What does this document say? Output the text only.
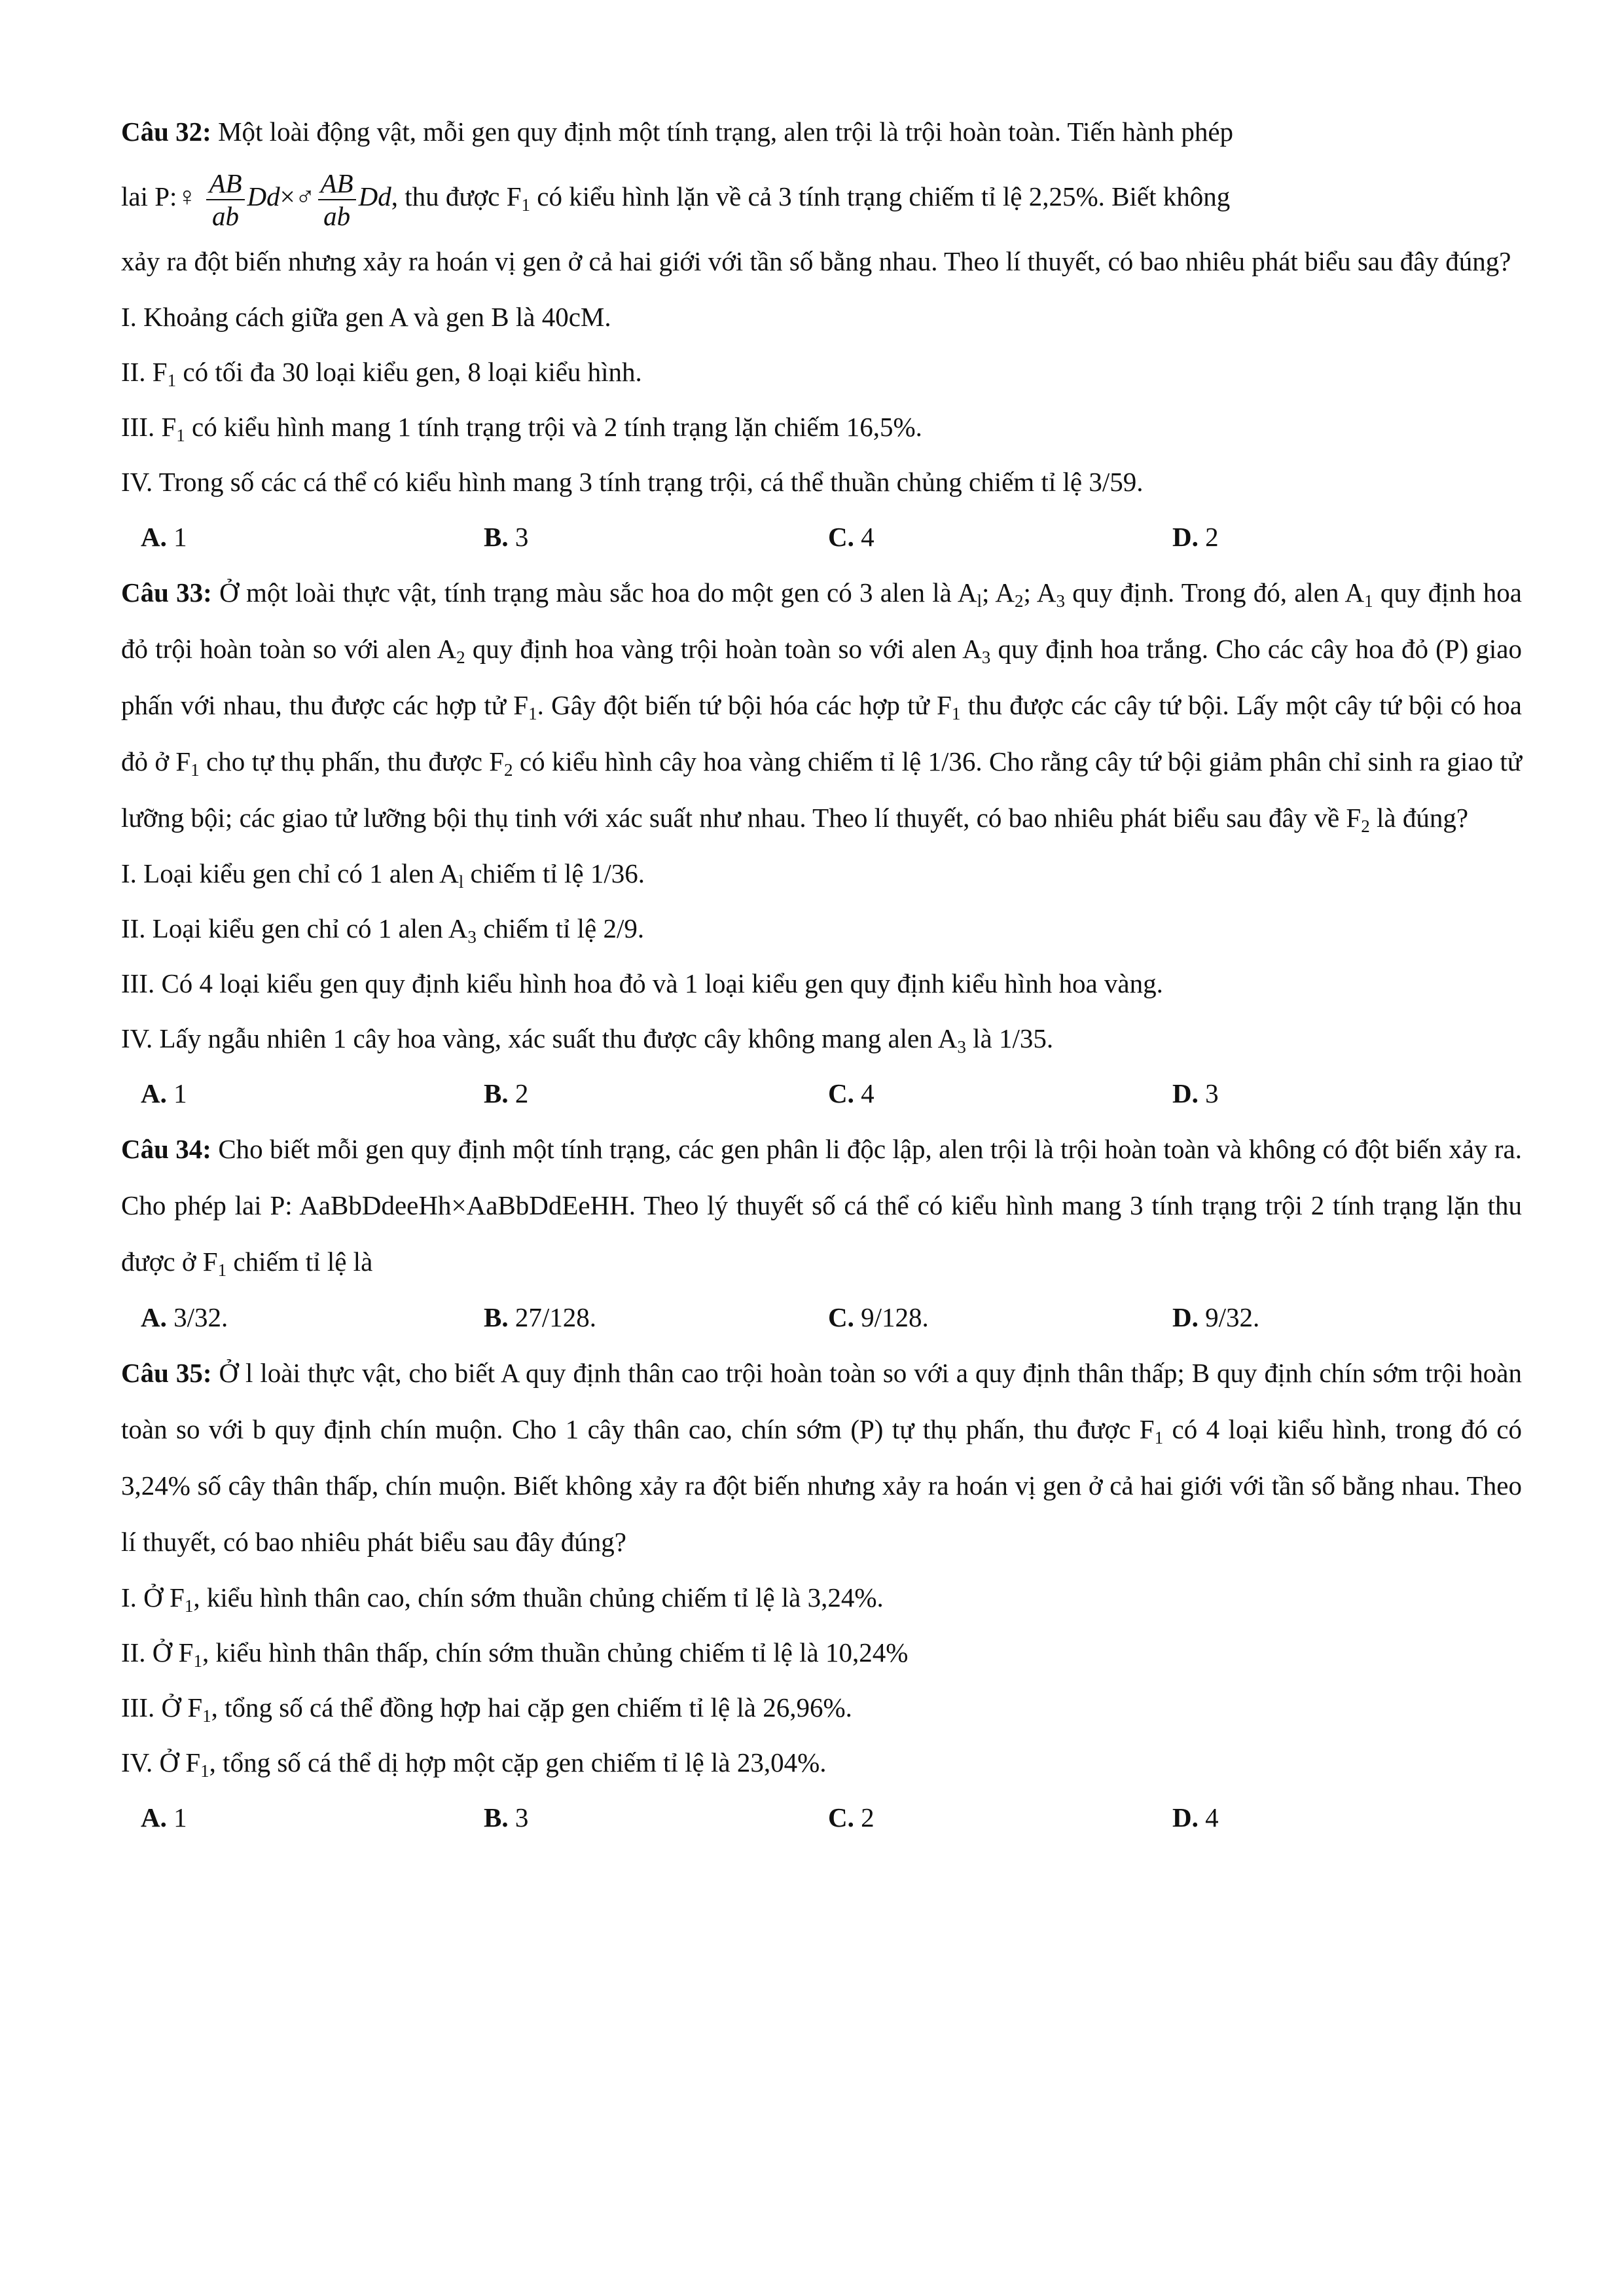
Câu 32: Một loài động vật, mỗi gen quy định một tính trạng, alen trội là trội hoàn toàn. Tiến hành phép

lai P:♀ $\frac{AB}{ab}$ Dd×♂ $\frac{AB}{ab} Dd$, thu được $F_1$ có kiểu hình lặn về cả 3 tính trạng chiếm tỉ lệ 2,25%. Biết không

xảy ra đột biến nhưng xảy ra hoán vị gen ở cả hai giới với tần số bằng nhau. Theo lí thuyết, có bao nhiêu phát biểu sau đây đúng?

I. Khoảng cách giữa gen A và gen B là 40cM.

II. $F_1$ có tối đa 30 loại kiểu gen, 8 loại kiểu hình.

III. $F_1$ có kiểu hình mang 1 tính trạng trội và 2 tính trạng lặn chiếm 16,5%.

IV. Trong số các cá thể có kiểu hình mang 3 tính trạng trội, cá thể thuần chủng chiếm tỉ lệ 3/59.

A. 1	B. 3	C. 4	D. 2

Câu 33: Ở một loài thực vật, tính trạng màu sắc hoa do một gen có 3 alen là $A_l$; $A_2$; $A_3$ quy định. Trong đó, alen $A_1$ quy định hoa đỏ trội hoàn toàn so với alen $A_2$ quy định hoa vàng trội hoàn toàn so với alen $A_3$ quy định hoa trắng. Cho các cây hoa đỏ (P) giao phấn với nhau, thu được các hợp tử $F_1$. Gây đột biến tứ bội hóa các hợp tử $F_1$ thu được các cây tứ bội. Lấy một cây tứ bội có hoa đỏ ở $F_1$ cho tự thụ phấn, thu được $F_2$ có kiểu hình cây hoa vàng chiếm tỉ lệ 1/36. Cho rằng cây tứ bội giảm phân chỉ sinh ra giao tử lưỡng bội; các giao tử lưỡng bội thụ tinh với xác suất như nhau. Theo lí thuyết, có bao nhiêu phát biểu sau đây về $F_2$ là đúng?

I. Loại kiểu gen chỉ có 1 alen $A_l$ chiếm tỉ lệ 1/36.

II. Loại kiểu gen chỉ có 1 alen $A_3$ chiếm tỉ lệ 2/9.

III. Có 4 loại kiểu gen quy định kiểu hình hoa đỏ và 1 loại kiểu gen quy định kiểu hình hoa vàng.

IV. Lấy ngẫu nhiên 1 cây hoa vàng, xác suất thu được cây không mang alen $A_3$ là 1/35.

A. 1	B. 2	C. 4	D. 3

Câu 34: Cho biết mỗi gen quy định một tính trạng, các gen phân li độc lập, alen trội là trội hoàn toàn và không có đột biến xảy ra. Cho phép lai P: AaBbDdeeHh×AaBbDdEeHH. Theo lý thuyết số cá thể có kiểu hình mang 3 tính trạng trội 2 tính trạng lặn thu được ở $F_1$ chiếm tỉ lệ là

A. 3/32.	B. 27/128.	C. 9/128.	D. 9/32.

Câu 35: Ở l loài thực vật, cho biết A quy định thân cao trội hoàn toàn so với a quy định thân thấp; B quy định chín sớm trội hoàn toàn so với b quy định chín muộn. Cho 1 cây thân cao, chín sớm (P) tự thụ phấn, thu được $F_1$ có 4 loại kiểu hình, trong đó có 3,24% số cây thân thấp, chín muộn. Biết không xảy ra đột biến nhưng xảy ra hoán vị gen ở cả hai giới với tần số bằng nhau. Theo lí thuyết, có bao nhiêu phát biểu sau đây đúng?

I. Ở $F_1$, kiểu hình thân cao, chín sớm thuần chủng chiếm tỉ lệ là 3,24%.

II. Ở $F_1$, kiểu hình thân thấp, chín sớm thuần chủng chiếm tỉ lệ là 10,24%

III. Ở $F_1$, tổng số cá thể đồng hợp hai cặp gen chiếm tỉ lệ là 26,96%.

IV. Ở $F_1$, tổng số cá thể dị hợp một cặp gen chiếm tỉ lệ là 23,04%.

A. 1	B. 3	C. 2	D. 4
